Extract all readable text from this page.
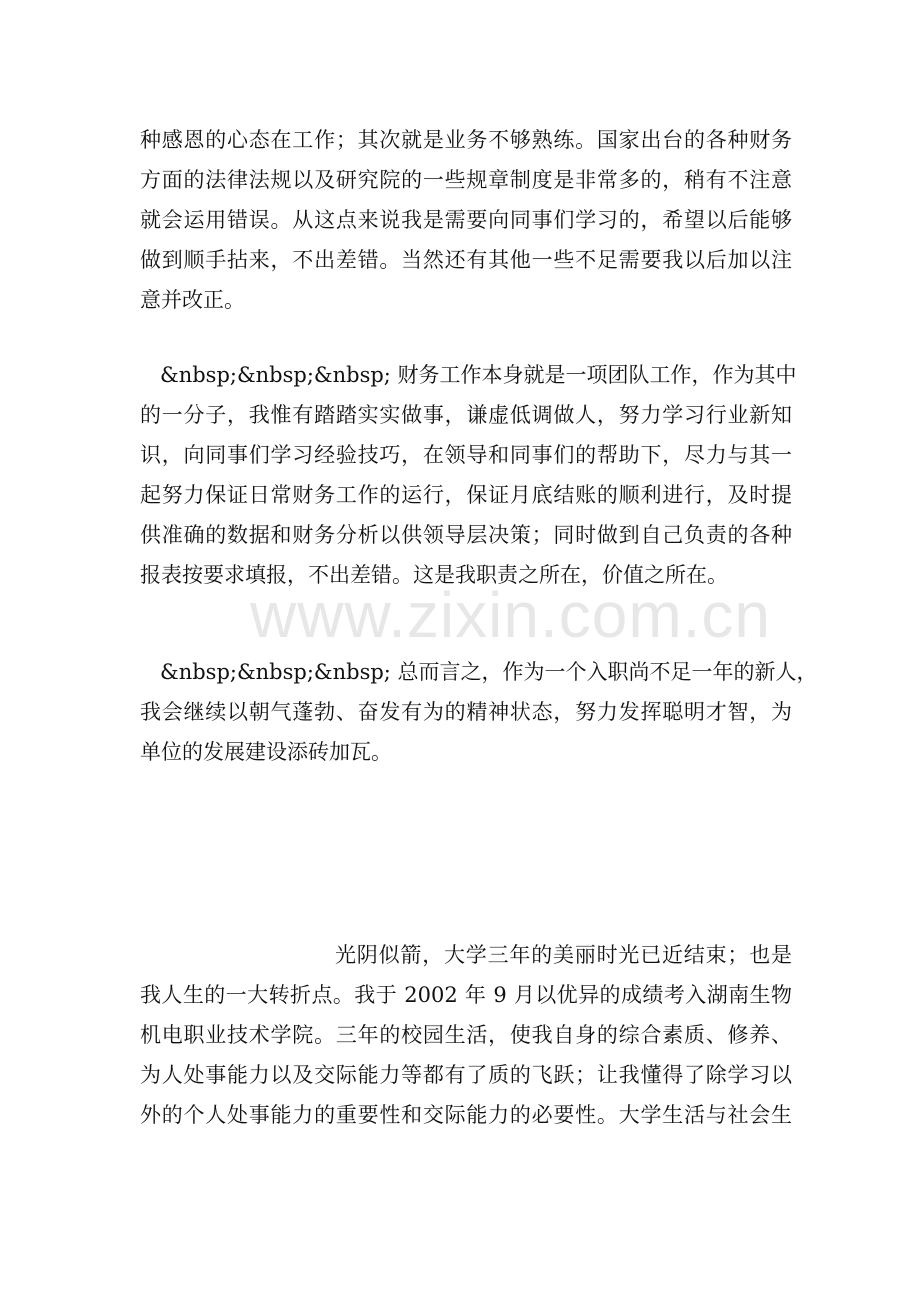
www.zixin.com.cn
种感恩的心态在工作；其次就是业务不够熟练。国家出台的各种财务
方面的法律法规以及研究院的一些规章制度是非常多的，稍有不注意
就会运用错误。从这点来说我是需要向同事们学习的，希望以后能够
做到顺手拈来，不出差错。当然还有其他一些不足需要我以后加以注
意并改正。
&nbsp;&nbsp;&nbsp; 财务工作本身就是一项团队工作，作为其中
的一分子，我惟有踏踏实实做事，谦虚低调做人，努力学习行业新知
识，向同事们学习经验技巧，在领导和同事们的帮助下，尽力与其一
起努力保证日常财务工作的运行，保证月底结账的顺利进行，及时提
供准确的数据和财务分析以供领导层决策；同时做到自己负责的各种
报表按要求填报，不出差错。这是我职责之所在，价值之所在。
&nbsp;&nbsp;&nbsp; 总而言之，作为一个入职尚不足一年的新人，
我会继续以朝气蓬勃、奋发有为的精神状态，努力发挥聪明才智，为
单位的发展建设添砖加瓦。
光阴似箭，大学三年的美丽时光已近结束；也是
我人生的一大转折点。我于 2002 年 9 月以优异的成绩考入湖南生物
机电职业技术学院。三年的校园生活，使我自身的综合素质、修养、
为人处事能力以及交际能力等都有了质的飞跃；让我懂得了除学习以
外的个人处事能力的重要性和交际能力的必要性。大学生活与社会生
